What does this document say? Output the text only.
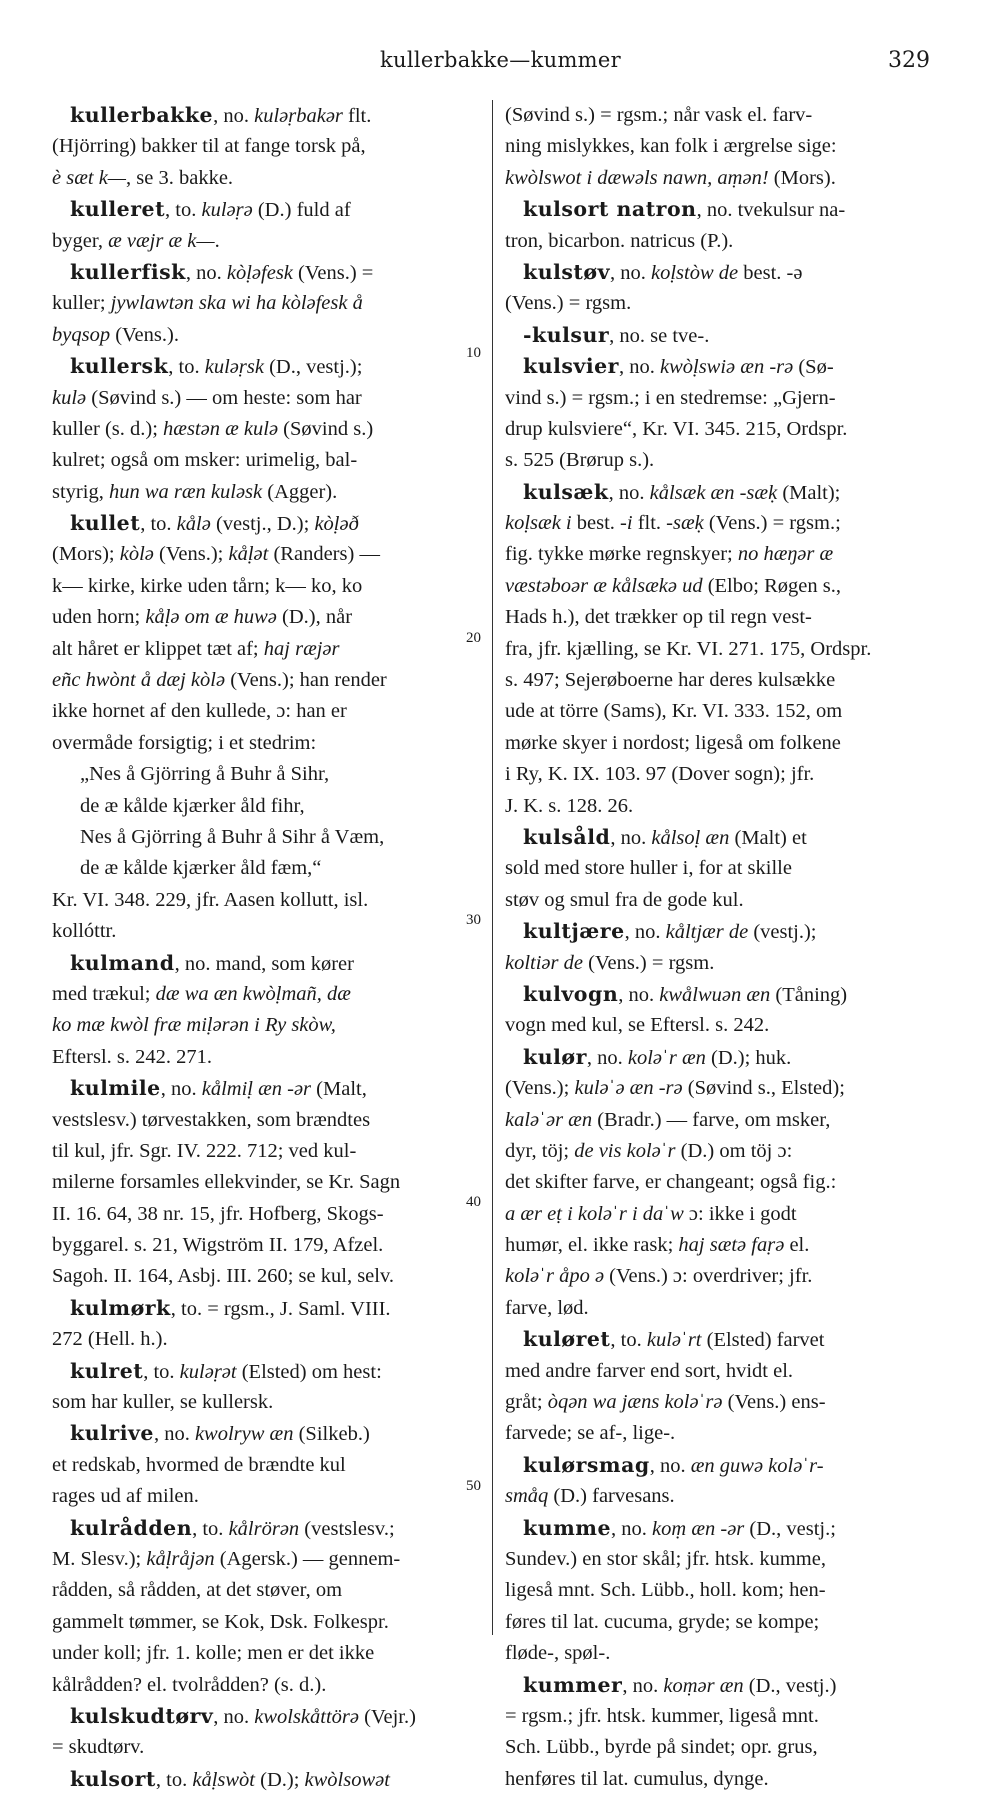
kullerbakke—kummer	329
kullerbakke, no. kuləṛbakər flt.
(Hjörring) bakker til at fange torsk på,
è sæt k—, se 3. bakke.
kulleret, to. kuləṛə (D.) fuld af
byger, æ væjr æ k—.
kullerfisk, no. kòḷəfesk (Vens.) =
kuller; jywlawtən ska wi ha kòləfesk å
byqsop (Vens.).
kullersk, to. kuləṛsk (D., vestj.);
kulə (Søvind s.) — om heste: som har
kuller (s. d.); hæstən æ kulə (Søvind s.)
kulret; også om msker: urimelig, bal-
styrig, hun wa ræn kuləsk (Agger).
kullet, to. kålə (vestj., D.); kòḷəð
(Mors); kòlə (Vens.); kåḷət (Randers) —
k— kirke, kirke uden tårn; k— ko, ko
uden horn; kåḷə om æ huwə (D.), når
alt håret er klippet tæt af; haj ræjər
eñc hwònt å dæj kòlə (Vens.); han render
ikke hornet af den kullede, ɔ: han er
overmåde forsigtig; i et stedrim:
„Nes å Gjörring å Buhr å Sihr,
de æ kålde kjærker åld fihr,
Nes å Gjörring å Buhr å Sihr å Væm,
de æ kålde kjærker åld fæm,“
Kr. VI. 348. 229, jfr. Aasen kollutt, isl.
kollóttr.
kulmand, no. mand, som kører
med trækul; dæ wa æn kwòḷmañ, dæ
ko mæ kwòl fræ miḷərən i Ry skòw,
Eftersl. s. 242. 271.
kulmile, no. kålmiḷ æn -ər (Malt,
vestslesv.) tørvestakken, som brændtes
til kul, jfr. Sgr. IV. 222. 712; ved kul-
milerne forsamles ellekvinder, se Kr. Sagn
II. 16. 64, 38 nr. 15, jfr. Hofberg, Skogs-
byggarel. s. 21, Wigström II. 179, Afzel.
Sagoh. II. 164, Asbj. III. 260; se kul, selv.
kulmørk, to. = rgsm., J. Saml. VIII.
272 (Hell. h.).
kulret, to. kuləṛət (Elsted) om hest:
som har kuller, se kullersk.
kulrive, no. kwolryw æn (Silkeb.)
et redskab, hvormed de brændte kul
rages ud af milen.
kulrådden, to. kålrörən (vestslesv.;
M. Slesv.); kåḷråjən (Agersk.) — gennem-
rådden, så rådden, at det støver, om
gammelt tømmer, se Kok, Dsk. Folkespr.
under koll; jfr. 1. kolle; men er det ikke
kålrådden? el. tvolrådden? (s. d.).
kulskudtørv, no. kwolskåttörə (Vejr.)
= skudtørv.
kulsort, to. kåḷswòt (D.); kwòlsowət
(Søvind s.) = rgsm.; når vask el. farv-
ning mislykkes, kan folk i ærgrelse sige:
kwòlswot i dæwəls nawn, aṃən! (Mors).
kulsort natron, no. tvekulsur na-
tron, bicarbon. natricus (P.).
kulstøv, no. koḷstòw de best. -ə
(Vens.) = rgsm.
-kulsur, no. se tve-.
kulsvier, no. kwòḷswiə æn -rə (Sø-
vind s.) = rgsm.; i en stedremse: „Gjern-
drup kulsviere“, Kr. VI. 345. 215, Ordspr.
s. 525 (Brørup s.).
kulsæk, no. kålsæk æn -sæḳ (Malt);
koḷsæk i best. -i flt. -sæḳ (Vens.) = rgsm.;
fig. tykke mørke regnskyer; no hæŋər æ
væstəboər æ kålsækə ud (Elbo; Røgen s.,
Hads h.), det trækker op til regn vest-
fra, jfr. kjælling, se Kr. VI. 271. 175, Ordspr.
s. 497; Sejerøboerne har deres kulsække
ude at törre (Sams), Kr. VI. 333. 152, om
mørke skyer i nordost; ligeså om folkene
i Ry, K. IX. 103. 97 (Dover sogn); jfr.
J. K. s. 128. 26.
kulsåld, no. kålsoḷ æn (Malt) et
sold med store huller i, for at skille
støv og smul fra de gode kul.
kultjære, no. kåltjær de (vestj.);
koltiər de (Vens.) = rgsm.
kulvogn, no. kwålwuən æn (Tåning)
vogn med kul, se Eftersl. s. 242.
kulør, no. koləˈr æn (D.); huk.
(Vens.); kuləˈə æn -rə (Søvind s., Elsted);
kaləˈər æn (Bradr.) — farve, om msker,
dyr, töj; de vis koləˈr (D.) om töj ɔ:
det skifter farve, er changeant; også fig.:
a ær eṭ i koləˈr i daˈw ɔ: ikke i godt
humør, el. ikke rask; haj sætə faṛə el.
koləˈr åpo ə (Vens.) ɔ: overdriver; jfr.
farve, lød.
kuløret, to. kuləˈrt (Elsted) farvet
med andre farver end sort, hvidt el.
gråt; òqən wa jæns koləˈrə (Vens.) ens-
farvede; se af-, lige-.
kulørsmag, no. æn guwə koləˈr-
småq (D.) farvesans.
kumme, no. koṃ æn -ər (D., vestj.;
Sundev.) en stor skål; jfr. htsk. kumme,
ligeså mnt. Sch. Lübb., holl. kom; hen-
føres til lat. cucuma, gryde; se kompe;
fløde-, spøl-.
kummer, no. koṃər æn (D., vestj.)
= rgsm.; jfr. htsk. kummer, ligeså mnt.
Sch. Lübb., byrde på sindet; opr. grus,
henføres til lat. cumulus, dynge.
10
20
30
40
50
